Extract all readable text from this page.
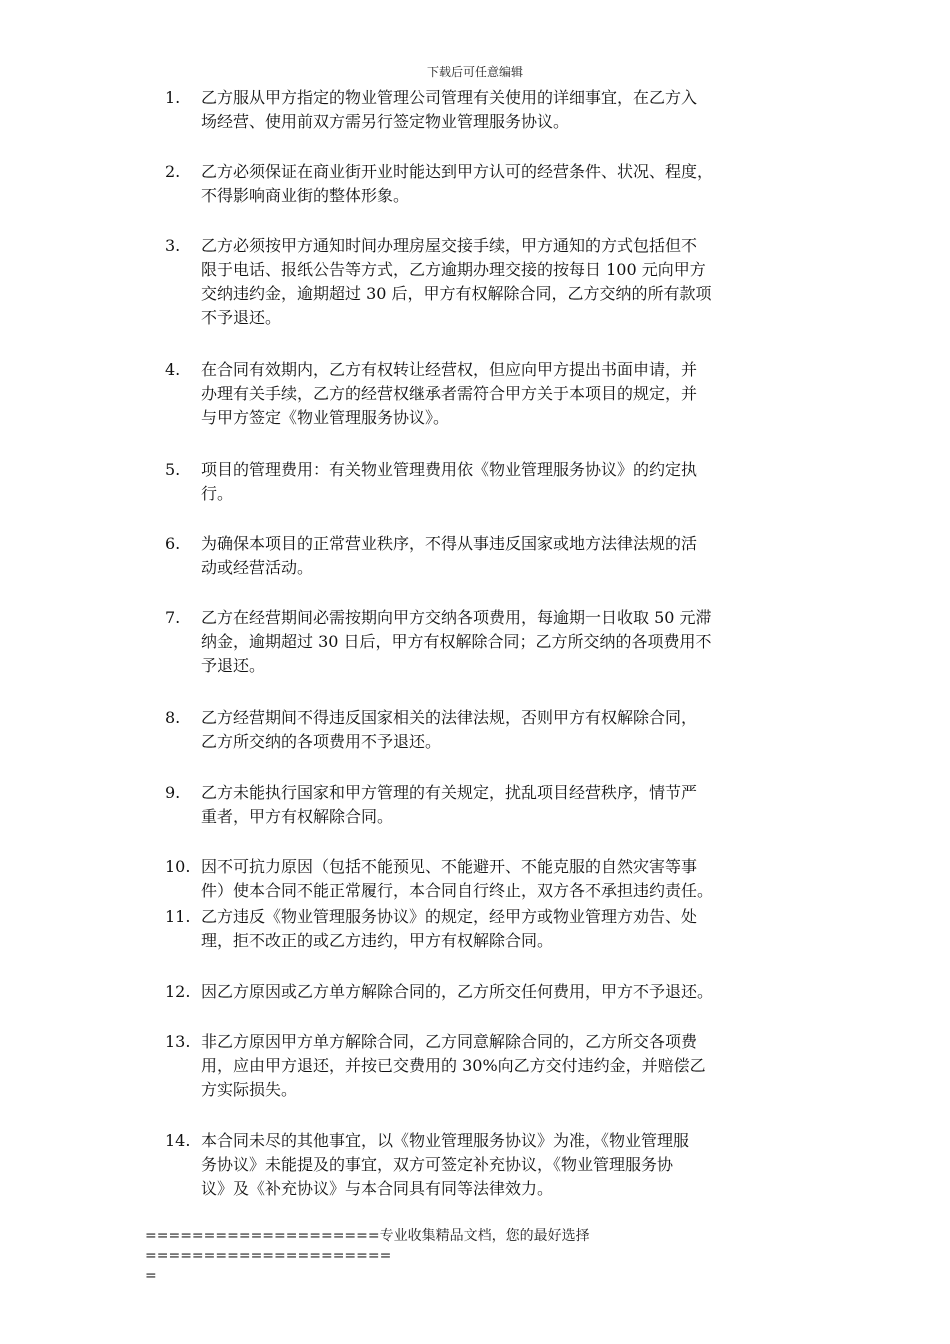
下载后可任意编辑
1. 乙方服从甲方指定的物业管理公司管理有关使用的详细事宜，在乙方入
场经营、使用前双方需另行签定物业管理服务协议。
2. 乙方必须保证在商业街开业时能达到甲方认可的经营条件、状况、程度，
不得影响商业街的整体形象。
3. 乙方必须按甲方通知时间办理房屋交接手续，甲方通知的方式包括但不
限于电话、报纸公告等方式，乙方逾期办理交接的按每日 100 元向甲方
交纳违约金，逾期超过 30 后，甲方有权解除合同，乙方交纳的所有款项
不予退还。
4. 在合同有效期内，乙方有权转让经营权，但应向甲方提出书面申请，并
办理有关手续，乙方的经营权继承者需符合甲方关于本项目的规定，并
与甲方签定《物业管理服务协议》。
5. 项目的管理费用：有关物业管理费用依《物业管理服务协议》的约定执
行。
6. 为确保本项目的正常营业秩序，不得从事违反国家或地方法律法规的活
动或经营活动。
7. 乙方在经营期间必需按期向甲方交纳各项费用，每逾期一日收取 50 元滞
纳金，逾期超过 30 日后，甲方有权解除合同；乙方所交纳的各项费用不
予退还。
8. 乙方经营期间不得违反国家相关的法律法规，否则甲方有权解除合同，
乙方所交纳的各项费用不予退还。
9. 乙方未能执行国家和甲方管理的有关规定，扰乱项目经营秩序，情节严
重者，甲方有权解除合同。
10. 因不可抗力原因（包括不能预见、不能避开、不能克服的自然灾害等事
件）使本合同不能正常履行，本合同自行终止，双方各不承担违约责任。
11. 乙方违反《物业管理服务协议》的规定，经甲方或物业管理方劝告、处
理，拒不改正的或乙方违约，甲方有权解除合同。
12. 因乙方原因或乙方单方解除合同的，乙方所交任何费用，甲方不予退还。
13. 非乙方原因甲方单方解除合同，乙方同意解除合同的，乙方所交各项费
用，应由甲方退还，并按已交费用的 30%向乙方交付违约金，并赔偿乙
方实际损失。
14. 本合同未尽的其他事宜，以《物业管理服务协议》为准，《物业管理服
务协议》未能提及的事宜，双方可签定补充协议，《物业管理服务协
议》及《补充协议》与本合同具有同等法律效力。
====================专业收集精品文档，您的最好选择=====================
=
